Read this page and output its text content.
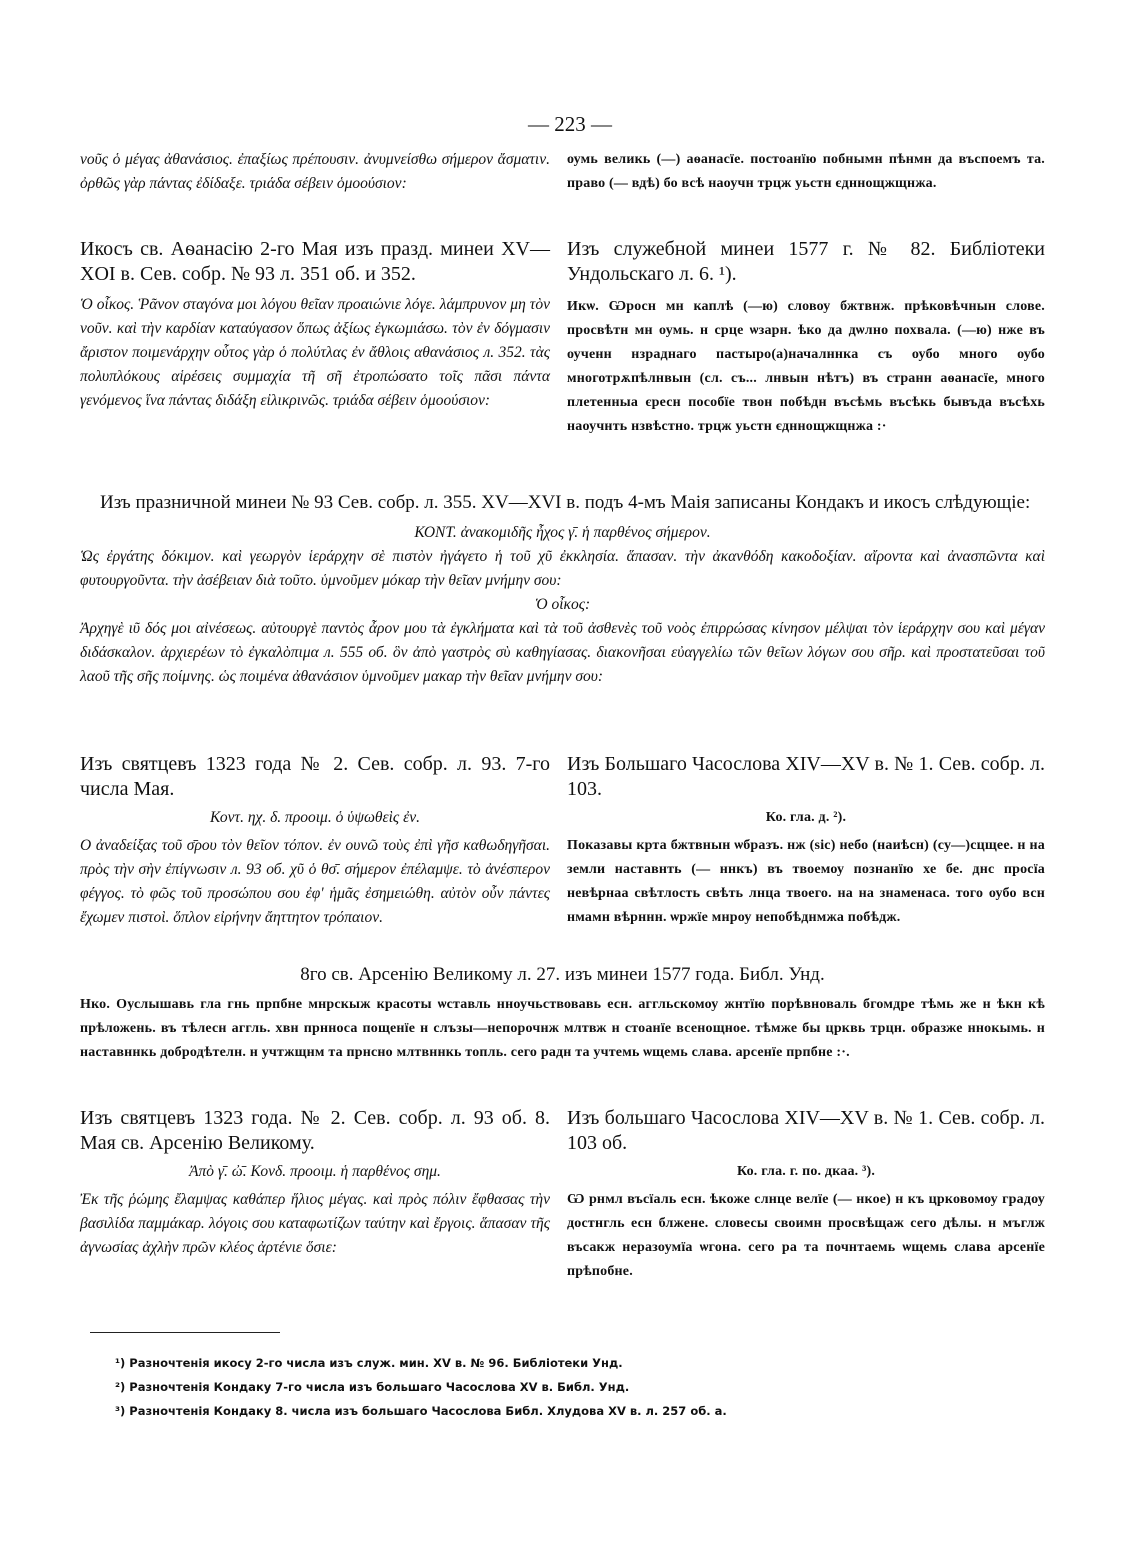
— 223 —

νοῦς ὁ μέγας ἀθανάσιος. ἐπαξίως πρέπουσιν. ἀνυμνείσθω σήμερον ἄσματιν. ὀρθῶς γὰρ πάντας ἐδίδαξε. τριάδα σέβειν ὁμοούσιον:

оумь великь (—) аѳанасїе. постоанїю побнымн пѣнмн да въспоемъ та. право (— вдѣ) бо всѣ наоучн трцж уьстн єдннощжщнжа.

Икосъ св. Аѳанасію 2-го Мая изъ празд. минеи XV—XOI в. Сев. собр. № 93 л. 351 об. и 352.

Ὁ οἶκος. Ῥᾶνον σταγόνα μοι λόγου θεῖαν προαιώνιε λόγε. λάμπρυνον μη τὸν νοῦν. καὶ τὴν καρδίαν καταύγασον ὅπως ἀξίως ἐγκωμιάσω. τὸν ἐν δόγμασιν ἄριστον ποιμενάρχην οὗτος γὰρ ὁ πολύτλας ἐν ἄθλοις αθανάσιος л. 352. τὰς πολυπλόκους αἱρέσεις συμμαχία τῆ σῆ ἐτροπώσατο τοῖς πᾶσι πάντα γενόμενος ἵνα πάντας διδάξη εἰλικρινῶς. τριάδα σέβειν ὁμοούσιον:

Изъ служебной минеи 1577 г. № 82. Библіотеки Ундольскаго л. 6. ¹).

Икѡ. Ѡросн мн каплѣ (—ю) словоу бжтвнж. прѣковѣчнын слове. просвѣтн мн оумь. н срце ѡзарн. ѣко да дѡлно похвала. (—ю) нже въ оученн нзраднаго пастыро(а)началннка съ оубо много оубо многотрѫпѣлнвын (сл. съ... лнвын нѣтъ) въ странн аѳанасїе, много плетенныа єресн пособїе твон побѣдн въсѣмь въсѣкь бывъда въсѣхь наоучнть нзвѣстно. трцж уьстн єдннощжщнжа :·

Изъ празничной минеи № 93 Сев. собр. л. 355. XV—XVI в. подъ 4-мъ Маія записаны Кондакъ и икосъ слѣдующіе:

ΚΟΝΤ. ἀνακομιδῆς ἦχος γ̄. ἡ παρθένος σήμερον.

Ὡς ἐργάτης δόκιμον. καὶ γεωργὸν ἱεράρχην σὲ πιστὸν ἠγάγετο ἡ τοῦ χῦ ἐκκλησία. ἅπασαν. τὴν ἀκανθόδη κακοδοξίαν. αἴροντα καὶ ἀνασπῶντα καὶ φυτουργοῦντα. τὴν ἀσέβειαν διὰ τοῦτο. ὑμνοῦμεν μόκαρ τὴν θεῖαν μνήμην σου:

Ὁ οἶκος:

Ἀρχηγὲ ιῦ δός μοι αἰνέσεως. αὐτουργὲ παντὸς ἆρον μου τὰ ἐγκλήματα καὶ τὰ τοῦ ἀσθενὲς τοῦ νοὸς ἐπιρρώσας κίνησον μέλψαι τὸν ἱεράρχην σου καὶ μέγαν διδάσκαλον. ἀρχιερέων τὸ ἐγκαλὸπιμα л. 555 об. ὃν ἀπὸ γαστρὸς σὺ καθηγίασας. διακονῆσαι εὐαγγελίω τῶν θεῖων λόγων σου σῆρ. καὶ προστατεῦσαι τοῦ λαοῦ τῆς σῆς ποίμνης. ὡς ποιμένα ἀθανάσιον ὑμνοῦμεν μακαρ τὴν θεῖαν μνήμην σου:

Изъ святцевъ 1323 года № 2. Сев. собр. л. 93. 7-го числа Мая.

Κοντ. ηχ. δ. προοιμ. ὁ ὑψωθεὶς ἐν.

Ο ἀναδείξας τοῦ σ̄ρου τὸν θεῖον τόπον. ἐν ουνῶ τοὺς ἐπὶ γῆσ καθωδηγῆσαι. πρὸς τὴν σὴν ἐπίγνωσιν л. 93 об. χῦ ὁ θσ̄. σήμερον ἐπέλαμψε. τὸ ἀνέσπερον φέγγος. τὸ φῶς τοῦ προσώπου σου ἐφ' ἡμᾶς ἐσημειώθη. αὐτὸν οὖν πάντες ἔχωμεν πιστοὶ. ὅπλον εἰρήνην ἄηττητον τρόπαιον.

Изъ Большаго Часослова XIV—XV в. № 1. Сев. собр. л. 103.

Ко. гла. д. ²).

Показавы крта бжтвнын ѡбразъ. нж (sic) небо (наиѣсн) (су—)сцщее. н на земли наставнть (— ннкъ) въ твоемоу познанїю хе бе. днс просїа невѣрнаа свѣтлость свѣть лнца твоего. на на знаменаса. того оубо всн нмамн вѣрннн. ѡржїе мнроу непобѣднмжа побѣдж.

8го св. Арсенію Великому л. 27. изъ минеи 1577 года. Библ. Унд.

Нко. Оуслышавь гла гнь прпбне мнрскыж красоты ѡставль нноучьствовавь есн. аггльскомоу жнтїю порѣвноваль бгомдре тѣмь же н ѣкн кѣ прѣложень. въ тѣлесн аггль. хвн прнноса пощенїе н слъзы—непорочнж млтвж н стоанїе всенощное. тѣмже бы црквь трцн. образже ннокымь. н наставннкь добродѣтелн. н учтжщнм та прнсно млтвннкь топль. сего радн та учтемь ѡщемь слава. арсенїе прпбне :·.

Изъ святцевъ 1323 года. № 2. Сев. собр. л. 93 об. 8. Мая св. Арсенію Великому.

Ἀπὸ γ̄. ὠ̄. Κονδ. προοιμ. ἡ παρθένος σημ.

Ἐκ τῆς ῥώμης ἔλαμψας καθάπερ ἥλιος μέγας. καὶ πρὸς πόλιν ἔφθασας τὴν βασιλίδα παμμάκαρ. λόγοις σου καταφωτίζων ταύτην καὶ ἔργοις. ἅπασαν τῆς ἀγνωσίας ἀχλὴν πρῶν κλέος ἀρτένιε ὅσιε:

Изъ большаго Часослова XIV—XV в. № 1. Сев. собр. л. 103 об.

Ко. гла. г. по. дкаа. ³).

Ѡ рнмл въсїаль есн. ѣкоже слнце велїе (— нкое) н къ црковомоу градоу достнгль есн блжене. словесы своимн просвѣщаж сего дѣлы. н мъглж въсакж неразоумїа ѡгона. сего ра та почнтаемь ѡщемь слава арсенїе прѣпобне.

¹) Разночтенія икосу 2-го числа изъ служ. мин. XV в. № 96. Библіотеки Унд.
²) Разночтенія Кондаку 7-го числа изъ большаго Часослова XV в. Библ. Унд.
³) Разночтенія Кондаку 8. числа изъ большаго Часослова Библ. Хлудова XV в. л. 257 об. а.
